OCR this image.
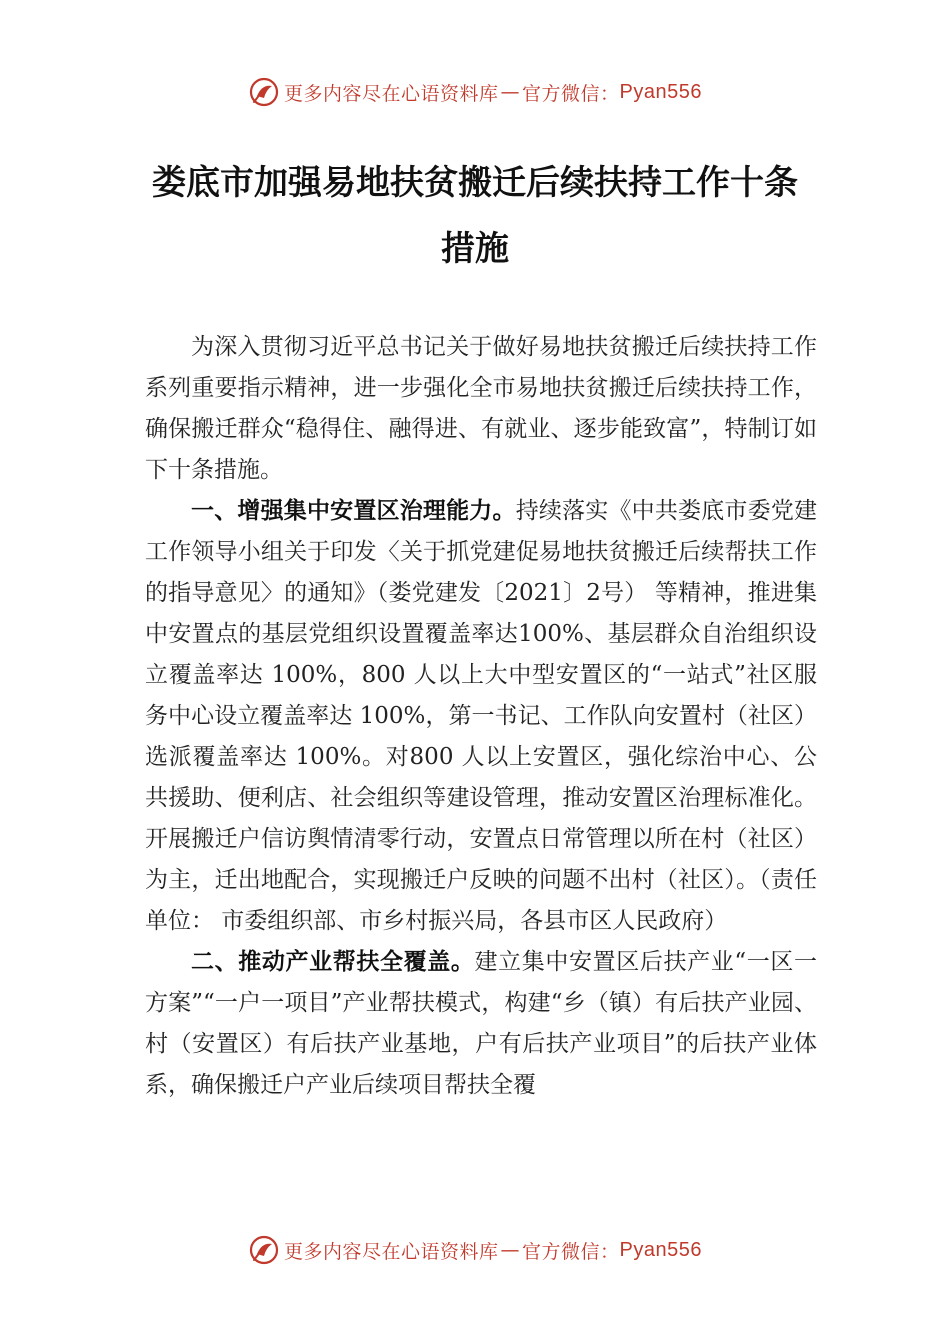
更多内容尽在心语资料库 — 官方微信： Pyan556
娄底市加强易地扶贫搬迁后续扶持工作十条措施

为深入贯彻习近平总书记关于做好易地扶贫搬迁后续扶持工作系列重要指示精神，进一步强化全市易地扶贫搬迁后续扶持工作，确保搬迁群众“稳得住、融得进、有就业、逐步能致富”，特制订如下十条措施。

一、增强集中安置区治理能力。持续落实《中共娄底市委党建工作领导小组关于印发〈关于抓党建促易地扶贫搬迁后续帮扶工作的指导意见〉的通知》（娄党建发〔2021〕2号） 等精神，推进集中安置点的基层党组织设置覆盖率达100%、基层群众自治组织设立覆盖率达 100%，800 人以上大中型安置区的“一站式”社区服务中心设立覆盖率达 100%，第一书记、工作队向安置村（社区）选派覆盖率达 100%。对800 人以上安置区，强化综治中心、公共援助、便利店、社会组织等建设管理，推动安置区治理标准化。开展搬迁户信访舆情清零行动，安置点日常管理以所在村（社区）为主，迁出地配合，实现搬迁户反映的问题不出村（社区）。（责任单位： 市委组织部、市乡村振兴局，各县市区人民政府）

二、推动产业帮扶全覆盖。建立集中安置区后扶产业“一区一方案”“一户一项目”产业帮扶模式，构建“乡（镇）有后扶产业园、村（安置区）有后扶产业基地，户有后扶产业项目”的后扶产业体系，确保搬迁户产业后续项目帮扶全覆

更多内容尽在心语资料库 — 官方微信： Pyan556
